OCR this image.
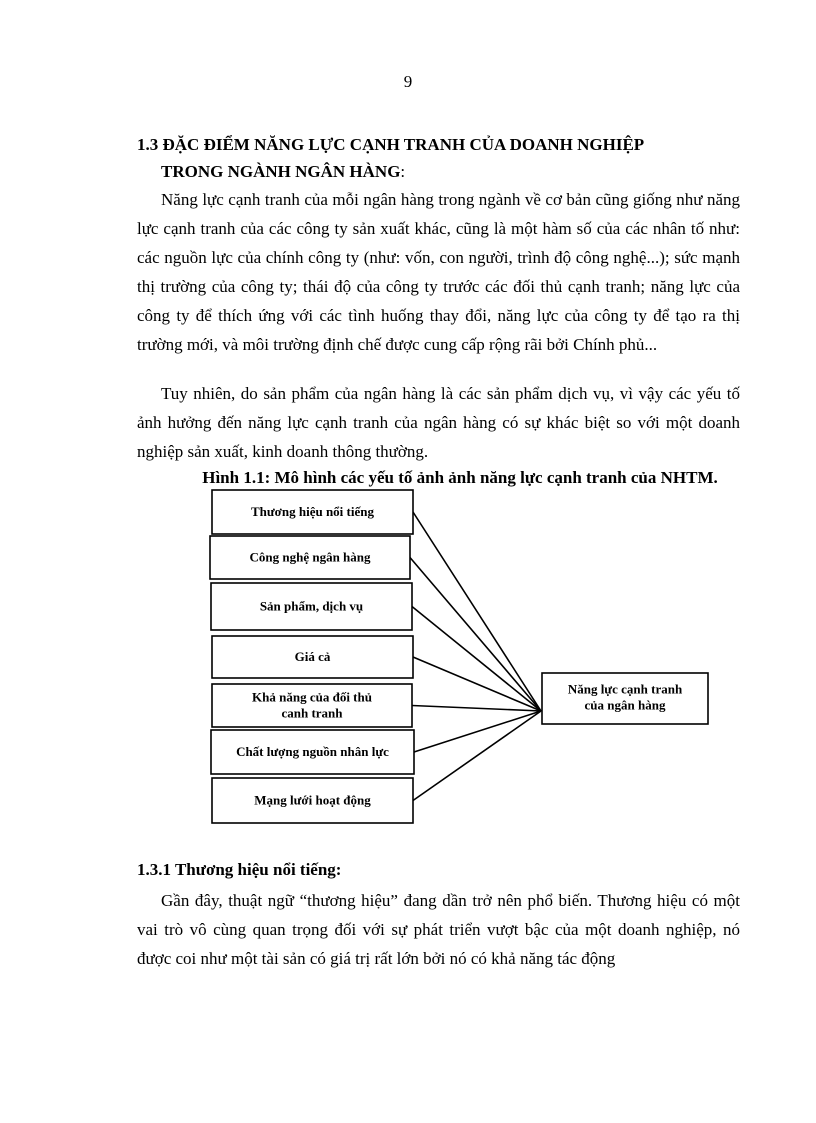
9
1.3 ĐẶC ĐIỂM NĂNG LỰC CẠNH TRANH CỦA DOANH NGHIỆP
TRONG NGÀNH NGÂN HÀNG:

Năng lực cạnh tranh của mỗi ngân hàng trong ngành về cơ bản cũng giống như năng lực cạnh tranh của các công ty sản xuất khác, cũng là một hàm số của các nhân tố như: các nguồn lực của chính công ty (như: vốn, con người, trình độ công nghệ...); sức mạnh thị trường của công ty; thái độ của công ty trước các đối thủ cạnh tranh; năng lực của công ty để thích ứng với các tình huống thay đổi, năng lực của công ty để tạo ra thị trường mới, và môi trường định chế được cung cấp rộng rãi bởi Chính phủ...

Tuy nhiên, do sản phẩm của ngân hàng là các sản phẩm dịch vụ, vì vậy các yếu tố ảnh hưởng đến năng lực cạnh tranh của ngân hàng có sự khác biệt so với một doanh nghiệp sản xuất, kinh doanh thông thường.

Hình 1.1: Mô hình các yếu tố ảnh ảnh năng lực cạnh tranh của NHTM.
Thương hiệu nổi tiếng
Công nghệ ngân hàng
Sản phẩm, dịch vụ
Giá cả
Khả năng của đối thủ
canh tranh
Chất lượng nguồn nhân lực
Mạng lưới hoạt động
Năng lực cạnh tranh
của ngân hàng
1.3.1 Thương hiệu nổi tiếng:

Gần đây, thuật ngữ “thương hiệu” đang dần trở nên phổ biến. Thương hiệu có một vai trò vô cùng quan trọng đối với sự phát triển vượt bậc của một doanh nghiệp, nó được coi như một tài sản có giá trị rất lớn bởi nó có khả năng tác động
